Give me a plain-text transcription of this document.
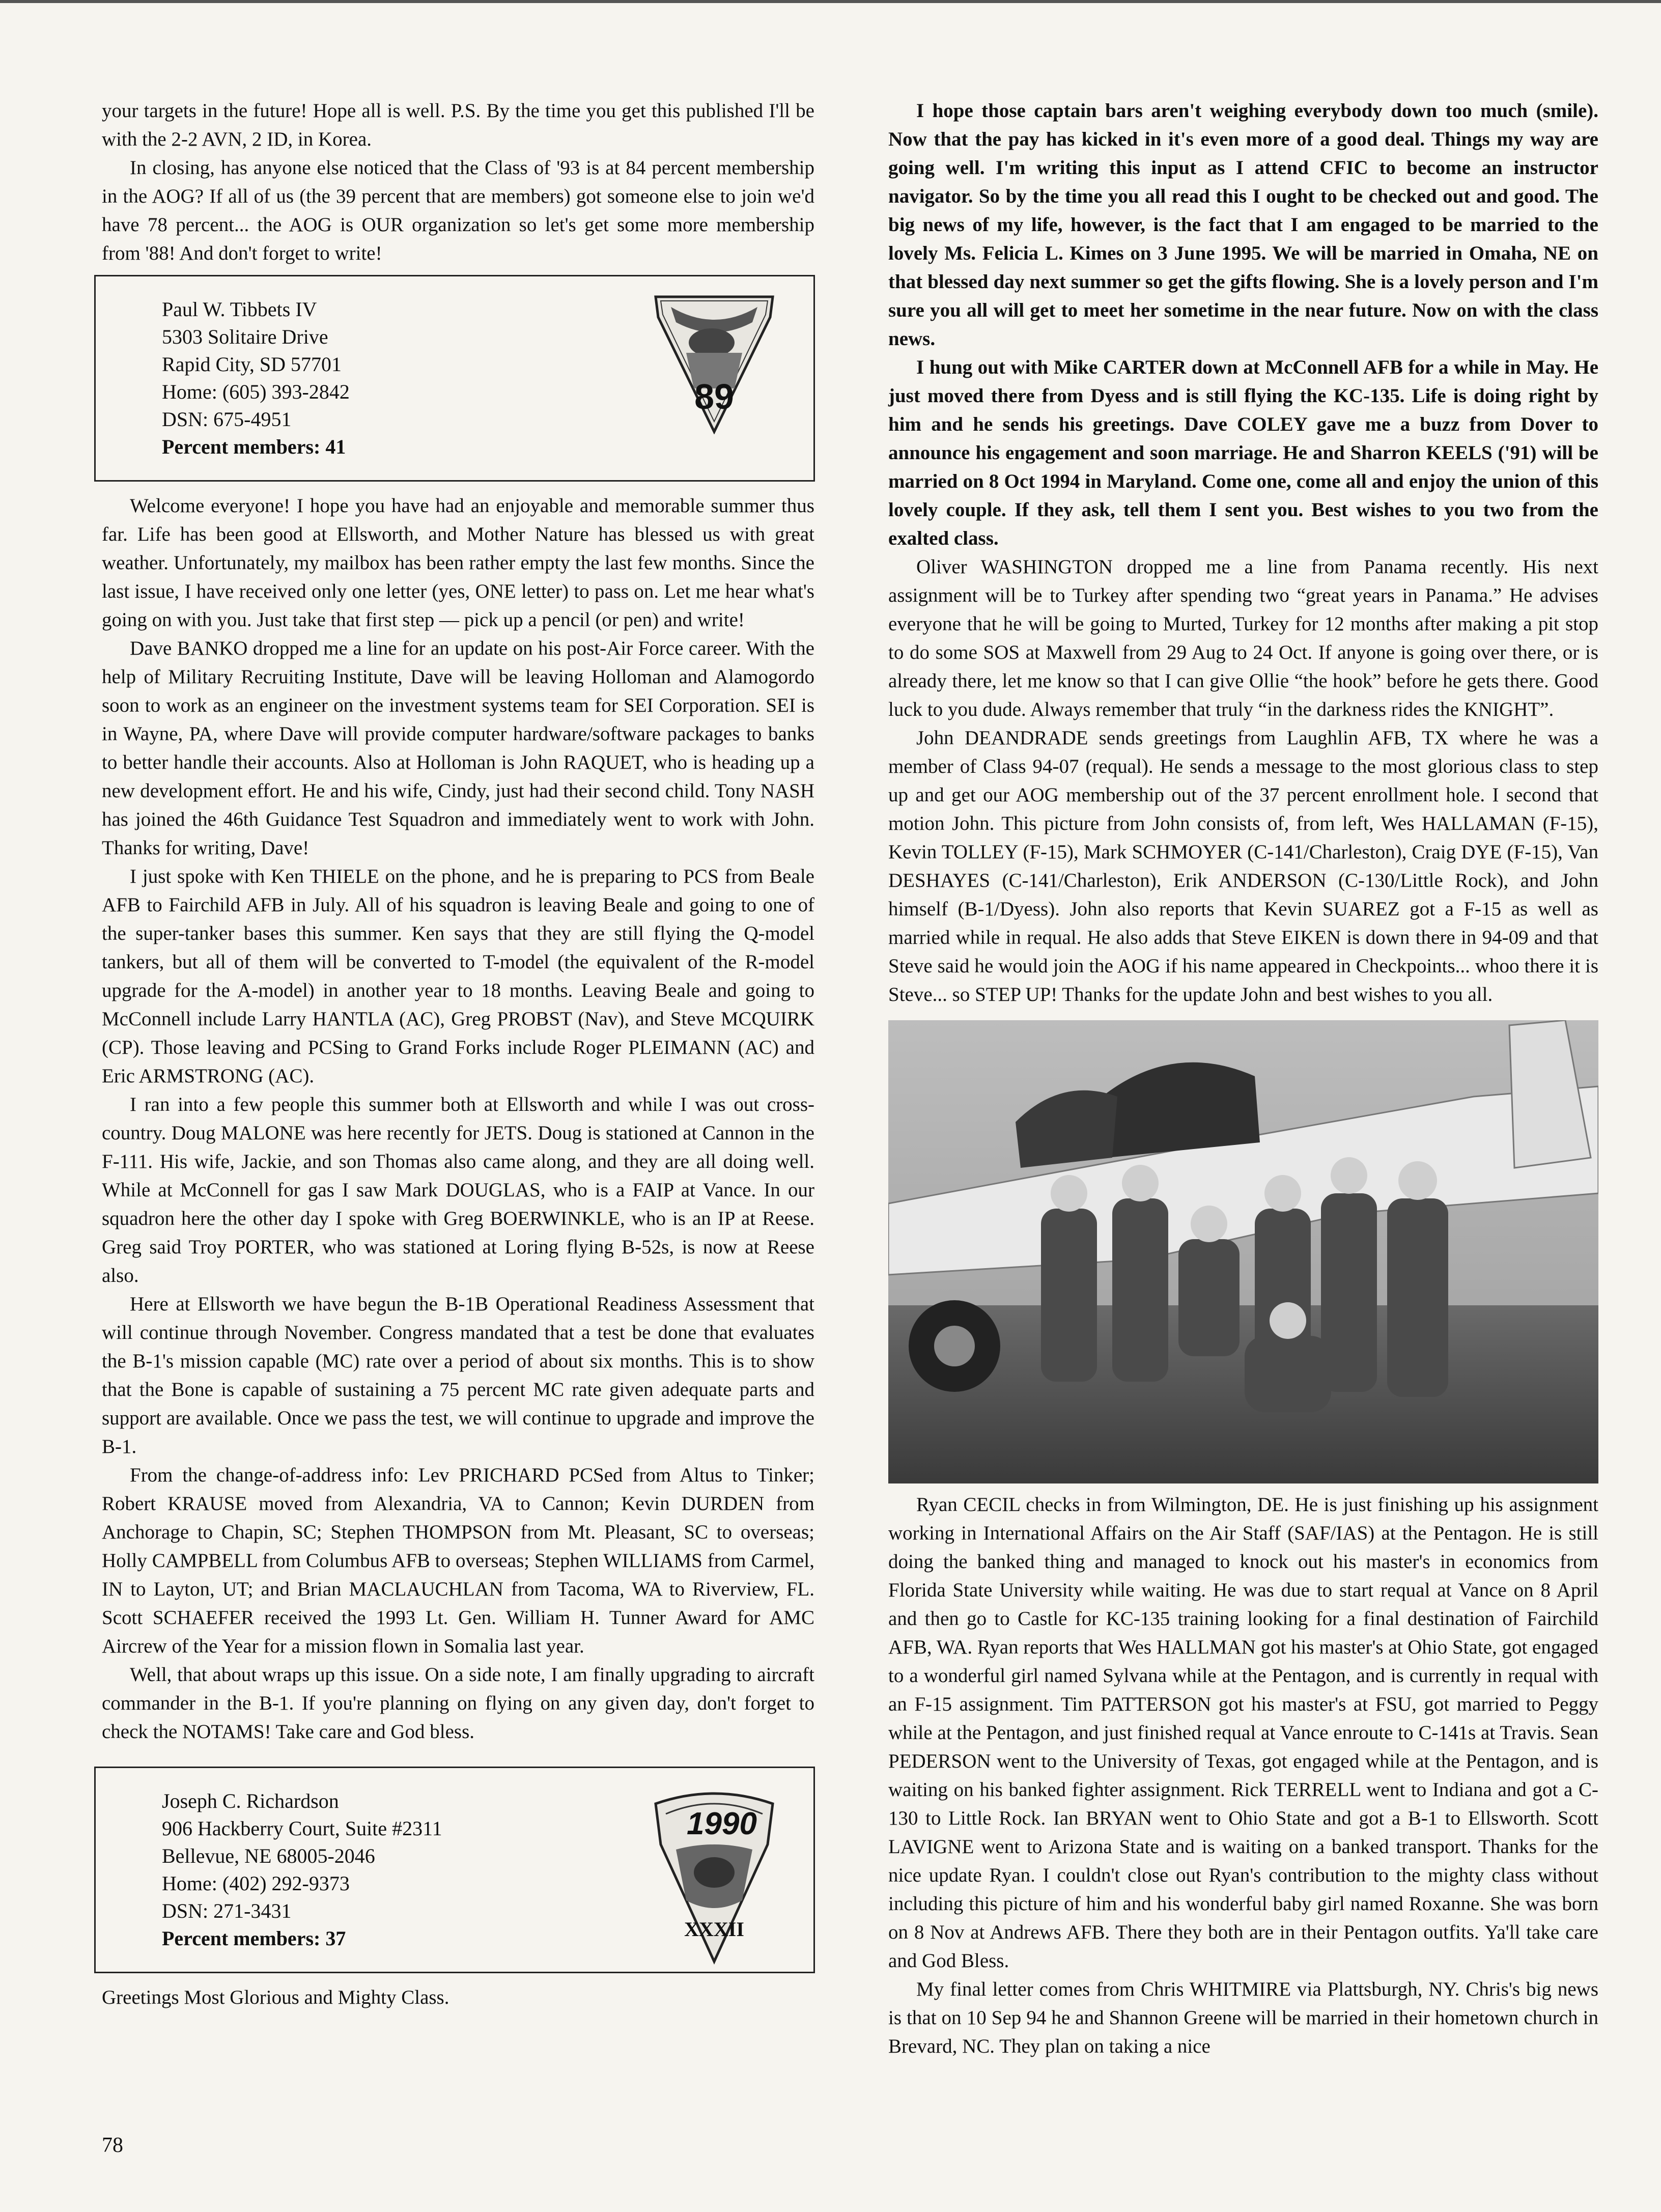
your targets in the future! Hope all is well. P.S. By the time you get this published I'll be with the 2-2 AVN, 2 ID, in Korea.

In closing, has anyone else noticed that the Class of '93 is at 84 percent membership in the AOG? If all of us (the 39 percent that are members) got someone else to join we'd have 78 percent... the AOG is OUR organization so let's get some more membership from '88! And don't forget to write!

Paul W. Tibbets IV
5303 Solitaire Drive
Rapid City, SD 57701
Home: (605) 393-2842
DSN: 675-4951
Percent members: 41
89

Welcome everyone! I hope you have had an enjoyable and memorable summer thus far. Life has been good at Ellsworth, and Mother Nature has blessed us with great weather. Unfortunately, my mailbox has been rather empty the last few months. Since the last issue, I have received only one letter (yes, ONE letter) to pass on. Let me hear what's going on with you. Just take that first step — pick up a pencil (or pen) and write!

Dave BANKO dropped me a line for an update on his post-Air Force career. With the help of Military Recruiting Institute, Dave will be leaving Holloman and Alamogordo soon to work as an engineer on the investment systems team for SEI Corporation. SEI is in Wayne, PA, where Dave will provide computer hardware/software packages to banks to better handle their accounts. Also at Holloman is John RAQUET, who is heading up a new development effort. He and his wife, Cindy, just had their second child. Tony NASH has joined the 46th Guidance Test Squadron and immediately went to work with John. Thanks for writing, Dave!

I just spoke with Ken THIELE on the phone, and he is preparing to PCS from Beale AFB to Fairchild AFB in July. All of his squadron is leaving Beale and going to one of the super-tanker bases this summer. Ken says that they are still flying the Q-model tankers, but all of them will be converted to T-model (the equivalent of the R-model upgrade for the A-model) in another year to 18 months. Leaving Beale and going to McConnell include Larry HANTLA (AC), Greg PROBST (Nav), and Steve MCQUIRK (CP). Those leaving and PCSing to Grand Forks include Roger PLEIMANN (AC) and Eric ARMSTRONG (AC).

I ran into a few people this summer both at Ellsworth and while I was out cross-country. Doug MALONE was here recently for JETS. Doug is stationed at Cannon in the F-111. His wife, Jackie, and son Thomas also came along, and they are all doing well. While at McConnell for gas I saw Mark DOUGLAS, who is a FAIP at Vance. In our squadron here the other day I spoke with Greg BOERWINKLE, who is an IP at Reese. Greg said Troy PORTER, who was stationed at Loring flying B-52s, is now at Reese also.

Here at Ellsworth we have begun the B-1B Operational Readiness Assessment that will continue through November. Congress mandated that a test be done that evaluates the B-1's mission capable (MC) rate over a period of about six months. This is to show that the Bone is capable of sustaining a 75 percent MC rate given adequate parts and support are available. Once we pass the test, we will continue to upgrade and improve the B-1.

From the change-of-address info: Lev PRICHARD PCSed from Altus to Tinker; Robert KRAUSE moved from Alexandria, VA to Cannon; Kevin DURDEN from Anchorage to Chapin, SC; Stephen THOMPSON from Mt. Pleasant, SC to overseas; Holly CAMPBELL from Columbus AFB to overseas; Stephen WILLIAMS from Carmel, IN to Layton, UT; and Brian MACLAUCHLAN from Tacoma, WA to Riverview, FL. Scott SCHAEFER received the 1993 Lt. Gen. William H. Tunner Award for AMC Aircrew of the Year for a mission flown in Somalia last year.

Well, that about wraps up this issue. On a side note, I am finally upgrading to aircraft commander in the B-1. If you're planning on flying on any given day, don't forget to check the NOTAMS! Take care and God bless.

Joseph C. Richardson
906 Hackberry Court, Suite #2311
Bellevue, NE 68005-2046
Home: (402) 292-9373
DSN: 271-3431
Percent members: 37
1990
XXXII

Greetings Most Glorious and Mighty Class.

I hope those captain bars aren't weighing everybody down too much (smile). Now that the pay has kicked in it's even more of a good deal. Things my way are going well. I'm writing this input as I attend CFIC to become an instructor navigator. So by the time you all read this I ought to be checked out and good. The big news of my life, however, is the fact that I am engaged to be married to the lovely Ms. Felicia L. Kimes on 3 June 1995. We will be married in Omaha, NE on that blessed day next summer so get the gifts flowing. She is a lovely person and I'm sure you all will get to meet her sometime in the near future. Now on with the class news.

I hung out with Mike CARTER down at McConnell AFB for a while in May. He just moved there from Dyess and is still flying the KC-135. Life is doing right by him and he sends his greetings. Dave COLEY gave me a buzz from Dover to announce his engagement and soon marriage. He and Sharron KEELS ('91) will be married on 8 Oct 1994 in Maryland. Come one, come all and enjoy the union of this lovely couple. If they ask, tell them I sent you. Best wishes to you two from the exalted class.

Oliver WASHINGTON dropped me a line from Panama recently. His next assignment will be to Turkey after spending two “great years in Panama.” He advises everyone that he will be going to Murted, Turkey for 12 months after making a pit stop to do some SOS at Maxwell from 29 Aug to 24 Oct. If anyone is going over there, or is already there, let me know so that I can give Ollie “the hook” before he gets there. Good luck to you dude. Always remember that truly “in the darkness rides the KNIGHT”.

John DEANDRADE sends greetings from Laughlin AFB, TX where he was a member of Class 94-07 (requal). He sends a message to the most glorious class to step up and get our AOG membership out of the 37 percent enrollment hole. I second that motion John. This picture from John consists of, from left, Wes HALLAMAN (F-15), Kevin TOLLEY (F-15), Mark SCHMOYER (C-141/Charleston), Craig DYE (F-15), Van DESHAYES (C-141/Charleston), Erik ANDERSON (C-130/Little Rock), and John himself (B-1/Dyess). John also reports that Kevin SUAREZ got a F-15 as well as married while in requal. He also adds that Steve EIKEN is down there in 94-09 and that Steve said he would join the AOG if his name appeared in Checkpoints... whoo there it is Steve... so STEP UP! Thanks for the update John and best wishes to you all.

Ryan CECIL checks in from Wilmington, DE. He is just finishing up his assignment working in International Affairs on the Air Staff (SAF/IAS) at the Pentagon. He is still doing the banked thing and managed to knock out his master's in economics from Florida State University while waiting. He was due to start requal at Vance on 8 April and then go to Castle for KC-135 training looking for a final destination of Fairchild AFB, WA. Ryan reports that Wes HALLMAN got his master's at Ohio State, got engaged to a wonderful girl named Sylvana while at the Pentagon, and is currently in requal with an F-15 assignment. Tim PATTERSON got his master's at FSU, got married to Peggy while at the Pentagon, and just finished requal at Vance enroute to C-141s at Travis. Sean PEDERSON went to the University of Texas, got engaged while at the Pentagon, and is waiting on his banked fighter assignment. Rick TERRELL went to Indiana and got a C-130 to Little Rock. Ian BRYAN went to Ohio State and got a B-1 to Ellsworth. Scott LAVIGNE went to Arizona State and is waiting on a banked transport. Thanks for the nice update Ryan. I couldn't close out Ryan's contribution to the mighty class without including this picture of him and his wonderful baby girl named Roxanne. She was born on 8 Nov at Andrews AFB. There they both are in their Pentagon outfits. Ya'll take care and God Bless.

My final letter comes from Chris WHITMIRE via Plattsburgh, NY. Chris's big news is that on 10 Sep 94 he and Shannon Greene will be married in their hometown church in Brevard, NC. They plan on taking a nice

78
